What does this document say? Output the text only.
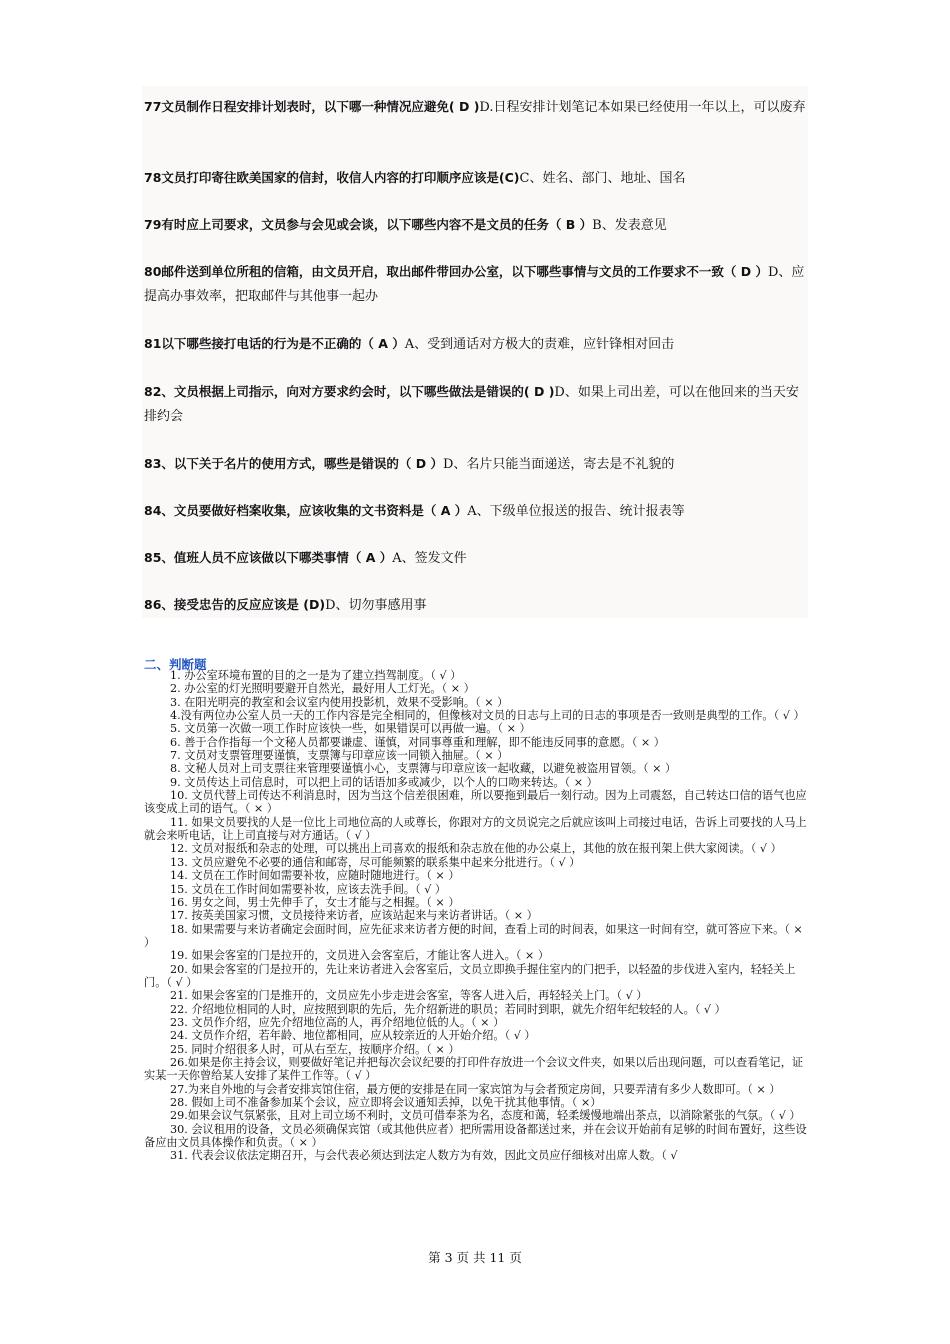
77文员制作日程安排计划表时，以下哪一种情况应避免( D )D.日程安排计划笔记本如果已经使用一年以上，可以废弃
78文员打印寄往欧美国家的信封，收信人内容的打印顺序应该是(C)C、姓名、部门、地址、国名
79有时应上司要求，文员参与会见或会谈，以下哪些内容不是文员的任务（ B ）B、发表意见
80邮件送到单位所租的信箱，由文员开启，取出邮件带回办公室，以下哪些事情与文员的工作要求不一致（ D ）D、应提高办事效率，把取邮件与其他事一起办
81以下哪些接打电话的行为是不正确的（ A ）A、受到通话对方极大的责难，应针锋相对回击
82、文员根据上司指示，向对方要求约会时，以下哪些做法是错误的( D )D、如果上司出差，可以在他回来的当天安排约会
83、以下关于名片的使用方式，哪些是错误的（ D ）D、名片只能当面递送，寄去是不礼貌的
84、文员要做好档案收集，应该收集的文书资料是（ A ）A、下级单位报送的报告、统计报表等
85、值班人员不应该做以下哪类事情（ A ）A、签发文件
86、接受忠告的反应应该是 (D)D、切勿事感用事
二、判断题

1. 办公室环境布置的目的之一是为了建立挡驾制度。（ √ ）

2. 办公室的灯光照明要避开自然光，最好用人工灯光。（ × ）

3. 在阳光明亮的教室和会议室内使用投影机，效果不受影响。（ × ）

4.没有两位办公室人员一天的工作内容是完全相同的，但像核对文员的日志与上司的日志的事项是否一致则是典型的工作。（ √ ）

5. 文员第一次做一项工作时应该快一些，如果错误可以再做一遍。（ × ）

6. 善于合作指每一个文秘人员都要谦虚、谨慎，对同事尊重和理解，即不能违反同事的意愿。（ × ）

7. 文员对支票管理要谨慎，支票簿与印章应该一同锁入抽屉。（ × ）

8. 文秘人员对上司支票往来管理要谨慎小心，支票簿与印章应该一起收藏，以避免被盗用冒领。（ × ）

9. 文员传达上司信息时，可以把上司的话语加多或减少，以个人的口吻来转达。（ × ）

10. 文员代替上司传达不利消息时，因为当这个信差很困难，所以要拖到最后一刻行动。因为上司震怒，自己转达口信的语气也应该变成上司的语气。（ × ）

11. 如果文员要找的人是一位比上司地位高的人或尊长，你跟对方的文员说完之后就应该叫上司接过电话，告诉上司要找的人马上就会来听电话，让上司直接与对方通话。（ √ ）

12. 文员对报纸和杂志的处理，可以挑出上司喜欢的报纸和杂志放在他的办公桌上，其他的放在报刊架上供大家阅读。（ √ ）

13. 文员应避免不必要的通信和邮寄，尽可能频繁的联系集中起来分批进行。（ √ ）

14. 文员在工作时间如需要补妆，应随时随地进行。（ × ）

15. 文员在工作时间如需要补妆，应该去洗手间。（ √ ）

16. 男女之间，男士先伸手了，女士才能与之相握。（ × ）

17. 按英美国家习惯，文员接待来访者，应该站起来与来访者讲话。（ × ）

18. 如果需要与来访者确定会面时间，应先征求来访者方便的时间，查看上司的时间表，如果这一时间有空，就可答应下来。（ × ）

19. 如果会客室的门是拉开的，文员进入会客室后，才能让客人进入。（ × ）

20. 如果会客室的门是拉开的，先让来访者进入会客室后，文员立即换手握住室内的门把手，以轻盈的步伐进入室内，轻轻关上门。（ √ ）

21. 如果会客室的门是推开的，文员应先小步走进会客室，等客人进入后，再轻轻关上门。（ √ ）

22. 介绍地位相同的人时，应按照到职的先后，先介绍新进的职员；若同时到职，就先介绍年纪较轻的人。（ √ ）

23. 文员作介绍，应先介绍地位高的人，再介绍地位低的人。（ × ）

24. 文员作介绍，若年龄、地位都相同，应从较亲近的人开始介绍。（ √ ）

25. 同时介绍很多人时，可从右至左，按顺序介绍。（ × ）

26.如果是你主持会议，则要做好笔记并把每次会议纪要的打印件存放进一个会议文件夹，如果以后出现问题，可以查看笔记，证实某一天你曾给某人安排了某件工作等。（ √ ）

27.为来自外地的与会者安排宾馆住宿，最方便的安排是在同一家宾馆为与会者预定房间，只要弄清有多少人数即可。（ × ）

28. 假如上司不准备参加某个会议，应立即将会议通知丢掉，以免干扰其他事情。（ ×）

29.如果会议气氛紧张，且对上司立场不利时，文员可借奉茶为名，态度和蔼，轻柔缓慢地端出茶点，以消除紧张的气氛。（ √ ）

30. 会议租用的设备，文员必须确保宾馆（或其他供应者）把所需用设备都送过来，并在会议开始前有足够的时间布置好，这些设备应由文员具体操作和负责。（ × ）

31. 代表会议依法定期召开，与会代表必须达到法定人数方为有效，因此文员应仔细核对出席人数。（ √

第 3 页 共 11 页
